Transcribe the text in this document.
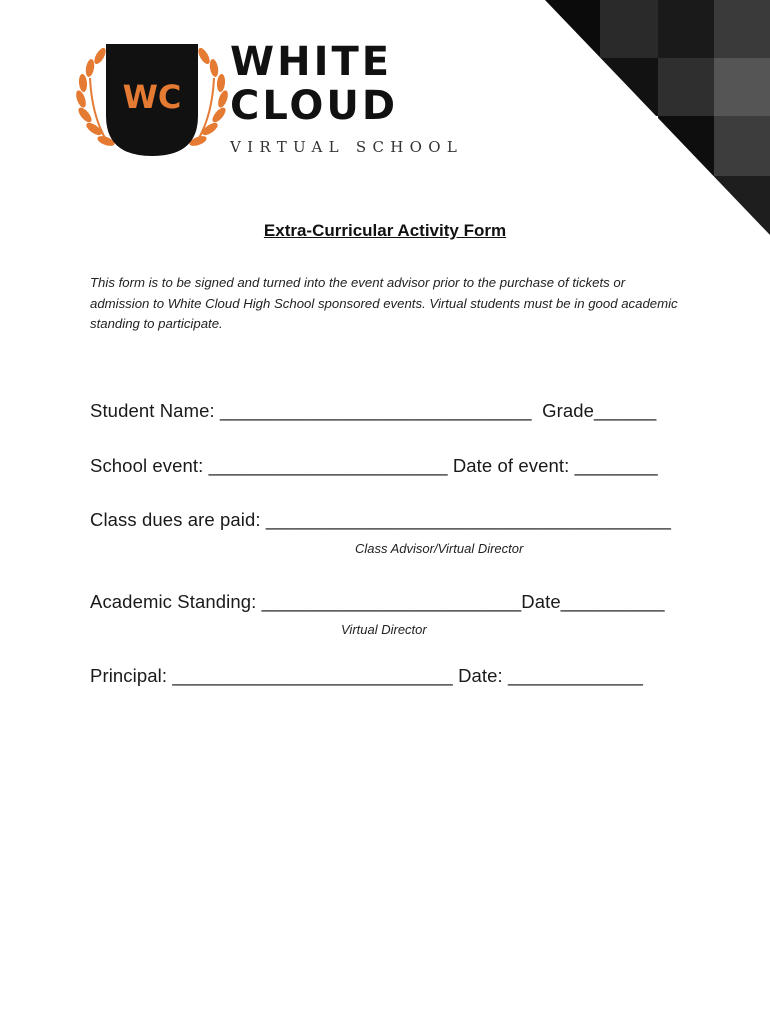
WC
WHITE
CLOUD
VIRTUAL SCHOOL
Extra-Curricular Activity Form
This form is to be signed and turned into the event advisor prior to the purchase of tickets or admission to White Cloud High School sponsored events. Virtual students must be in good academic standing to participate.
Student Name: ______________________________  Grade______
School event: _______________________ Date of event: ________
Class dues are paid: _______________________________________
Class Advisor/Virtual Director
Academic Standing: _________________________Date__________
Virtual Director
Principal: ___________________________ Date: _____________
